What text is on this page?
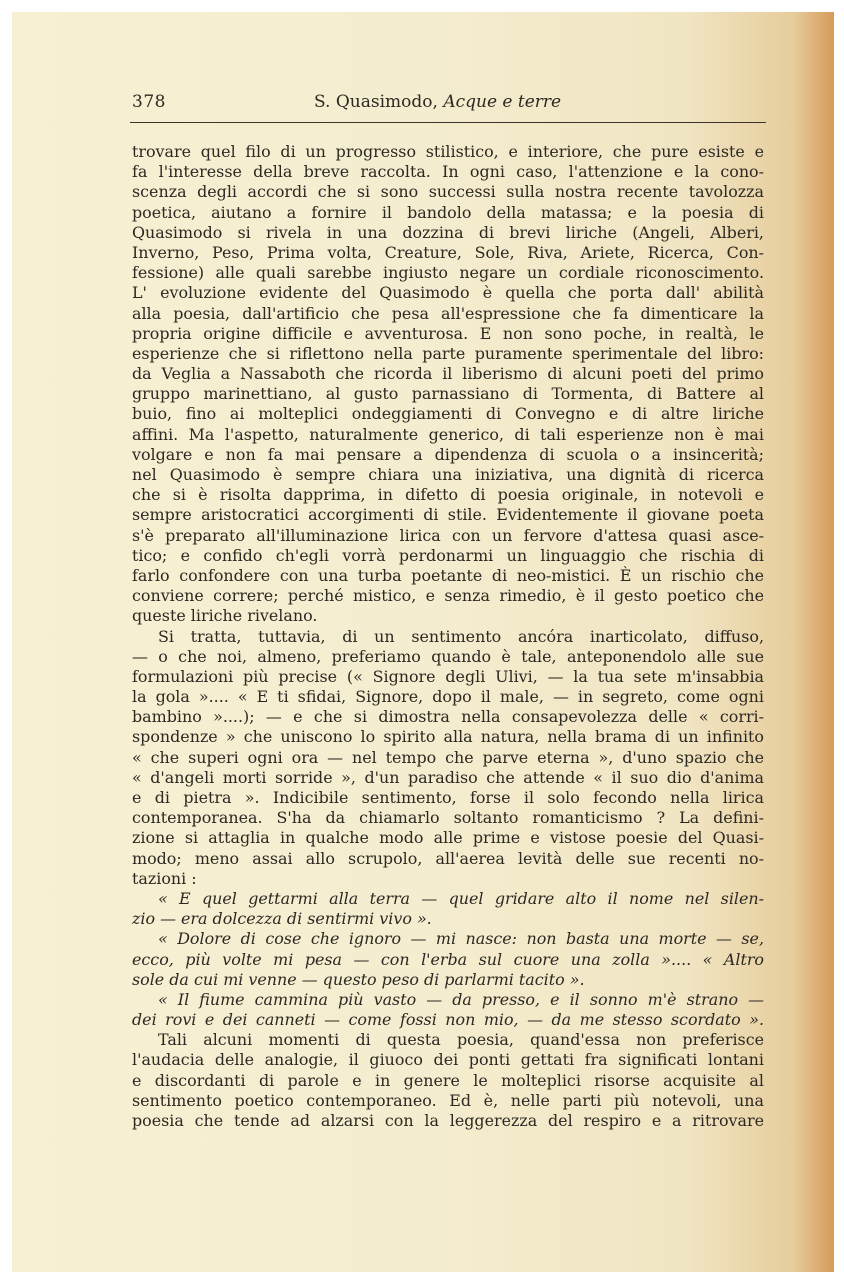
378	S. Quasimodo, Acque e terre
trovare quel filo di un progresso stilistico, e interiore, che pure esiste e
fa l'interesse della breve raccolta. In ogni caso, l'attenzione e la cono-
scenza degli accordi che si sono successi sulla nostra recente tavolozza
poetica, aiutano a fornire il bandolo della matassa; e la poesia di
Quasimodo si rivela in una dozzina di brevi liriche (Angeli, Alberi,
Inverno, Peso, Prima volta, Creature, Sole, Riva, Ariete, Ricerca, Con-
fessione) alle quali sarebbe ingiusto negare un cordiale riconoscimento.
L' evoluzione evidente del Quasimodo è quella che porta dall' abilità
alla poesia, dall'artificio che pesa all'espressione che fa dimenticare la
propria origine difficile e avventurosa. E non sono poche, in realtà, le
esperienze che si riflettono nella parte puramente sperimentale del libro:
da Veglia a Nassaboth che ricorda il liberismo di alcuni poeti del primo
gruppo marinettiano, al gusto parnassiano di Tormenta, di Battere al
buio, fino ai molteplici ondeggiamenti di Convegno e di altre liriche
affini. Ma l'aspetto, naturalmente generico, di tali esperienze non è mai
volgare e non fa mai pensare a dipendenza di scuola o a insincerità;
nel Quasimodo è sempre chiara una iniziativa, una dignità di ricerca
che si è risolta dapprima, in difetto di poesia originale, in notevoli e
sempre aristocratici accorgimenti di stile. Evidentemente il giovane poeta
s'è preparato all'illuminazione lirica con un fervore d'attesa quasi asce-
tico; e confido ch'egli vorrà perdonarmi un linguaggio che rischia di
farlo confondere con una turba poetante di neo-mistici. È un rischio che
conviene correre; perché mistico, e senza rimedio, è il gesto poetico che
queste liriche rivelano.
Si tratta, tuttavia, di un sentimento ancóra inarticolato, diffuso,
— o che noi, almeno, preferiamo quando è tale, anteponendolo alle sue
formulazioni più precise (« Signore degli Ulivi, — la tua sete m'insabbia
la gola ».... « E ti sfidai, Signore, dopo il male, — in segreto, come ogni
bambino »....); — e che si dimostra nella consapevolezza delle « corri-
spondenze » che uniscono lo spirito alla natura, nella brama di un infinito
« che superi ogni ora — nel tempo che parve eterna », d'uno spazio che
« d'angeli morti sorride », d'un paradiso che attende « il suo dio d'anima
e di pietra ». Indicibile sentimento, forse il solo fecondo nella lirica
contemporanea. S'ha da chiamarlo soltanto romanticismo ? La defini-
zione si attaglia in qualche modo alle prime e vistose poesie del Quasi-
modo; meno assai allo scrupolo, all'aerea levità delle sue recenti no-
tazioni :
« E quel gettarmi alla terra — quel gridare alto il nome nel silen-
zio — era dolcezza di sentirmi vivo ».
« Dolore di cose che ignoro — mi nasce: non basta una morte — se,
ecco, più volte mi pesa — con l'erba sul cuore una zolla ».... « Altro
sole da cui mi venne — questo peso di parlarmi tacito ».
« Il fiume cammina più vasto — da presso, e il sonno m'è strano —
dei rovi e dei canneti — come fossi non mio, — da me stesso scordato ».
Tali alcuni momenti di questa poesia, quand'essa non preferisce
l'audacia delle analogie, il giuoco dei ponti gettati fra significati lontani
e discordanti di parole e in genere le molteplici risorse acquisite al
sentimento poetico contemporaneo. Ed è, nelle parti più notevoli, una
poesia che tende ad alzarsi con la leggerezza del respiro e a ritrovare
